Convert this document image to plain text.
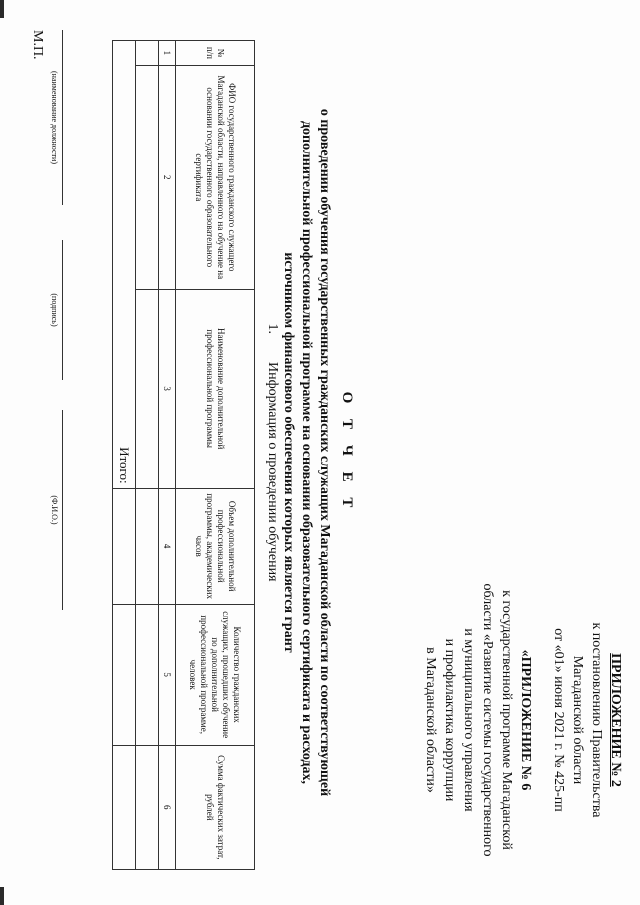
ПРИЛОЖЕНИЕ № 2
к постановлению Правительства
Магаданской области
от «01» июня 2021 г. № 425-пп
«ПРИЛОЖЕНИЕ № 6
к государственной программе Магаданской
области «Развитие системы государственного
и муниципального управления
и профилактика коррупции
в Магаданской области»
О Т Ч Е Т
о проведении обучения государственных гражданских служащих Магаданской области по соответствующей
дополнительной профессиональной программе на основании образовательного сертификата и расходах,
источником финансового обеспечения которых является грант
1.Информация о проведении обучения
№ п/п	ФИО государственного гражданского служащего Магаданской области, направленного на обучение на основании государственного образовательного сертификата	Наименование дополнительной профессиональной программы	Объем дополнительной профессиональной программы, академических часов	Количество гражданских служащих, прошедших обучение по дополнительной профессиональной программе, человек	Сумма фактических затрат, рублей
1	2	3	4	5	6

Итого:					
(наименование должности)
(подпись)
(Ф.И.О.)
М.П.
